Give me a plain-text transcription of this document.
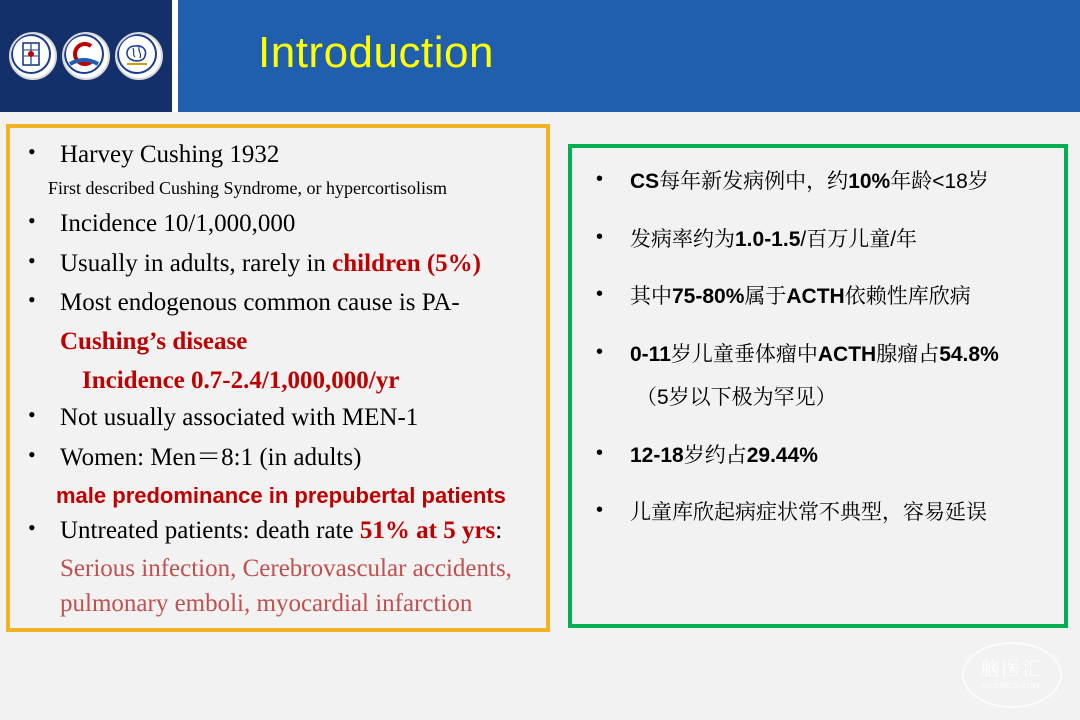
Introduction
• Harvey Cushing 1932
First described Cushing Syndrome, or hypercortisolism
• Incidence 10/1,000,000
• Usually in adults, rarely in children (5%)
• Most endogenous common cause is PA-
Cushing’s disease
Incidence 0.7-2.4/1,000,000/yr
• Not usually associated with MEN-1
• Women: Men＝8:1 (in adults)
male predominance in prepubertal patients
• Untreated patients: death rate 51% at 5 yrs:
Serious infection, Cerebrovascular accidents,
pulmonary emboli, myocardial infarction
• CS每年新发病例中，约10%年龄<18岁
• 发病率约为1.0-1.5/百万儿童/年
• 其中75-80%属于ACTH依赖性库欣病
• 0-11岁儿童垂体瘤中ACTH腺瘤占54.8%
（5岁以下极为罕见）
• 12-18岁约占29.44%
• 儿童库欣起病症状常不典型，容易延误
脑医汇
NEOMEDICINE
